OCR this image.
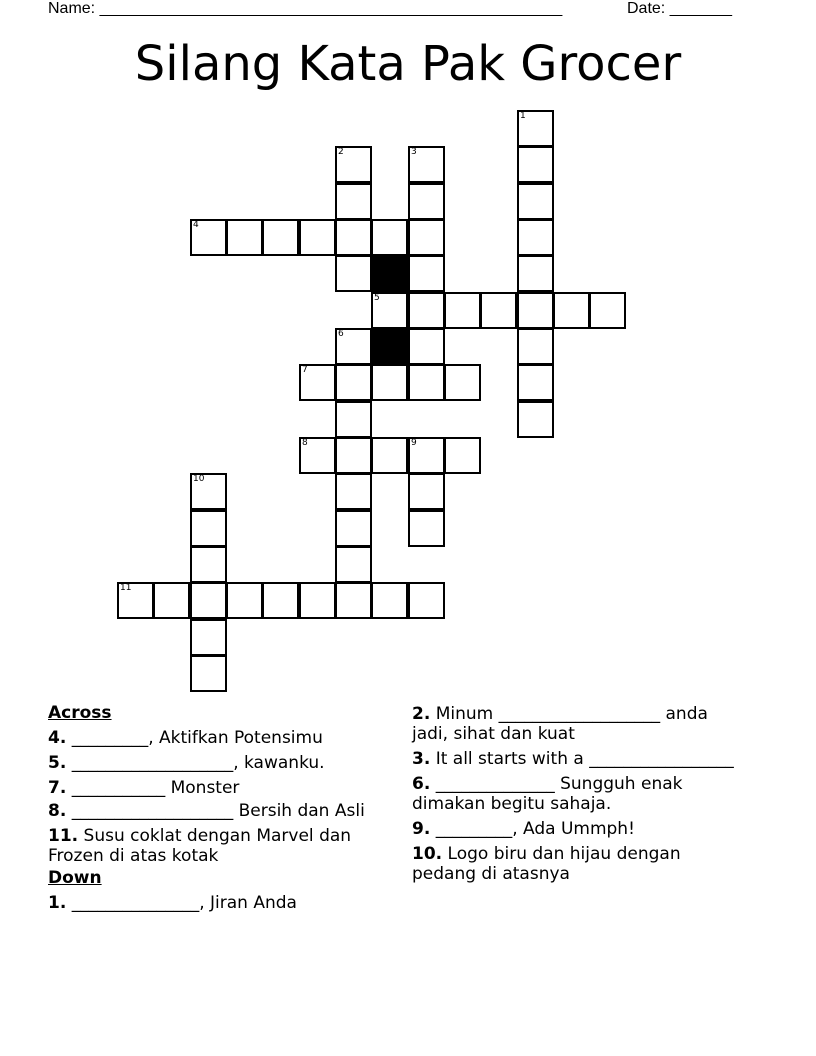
Name: ____________________________________________________	Date: _______
Silang Kata Pak Grocer
1
2	3
4
5
6
7
8	9
10
11
Across
4. _________, Aktifkan Potensimu
5. ___________________, kawanku.
7. ___________ Monster
8. ___________________ Bersih dan Asli
11. Susu coklat dengan Marvel dan Frozen di atas kotak
Down
1. _______________, Jiran Anda
2. Minum ___________________ anda jadi, sihat dan kuat
3. It all starts with a _________________
6. ______________ Sungguh enak dimakan begitu sahaja.
9. _________, Ada Ummph!
10. Logo biru dan hijau dengan pedang di atasnya
